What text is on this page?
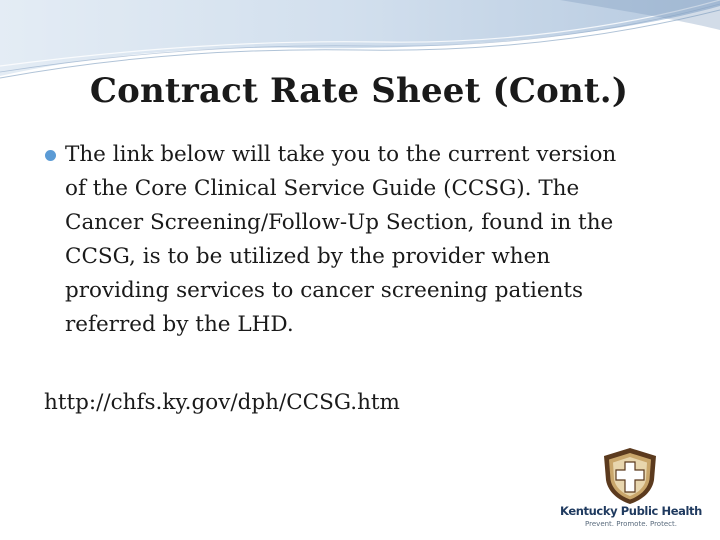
Contract Rate Sheet (Cont.)
The link below will take you to the current version
of the Core Clinical Service Guide (CCSG). The
Cancer Screening/Follow-Up Section, found in the
CCSG, is to be utilized by the provider when
providing services to cancer screening patients
referred by the LHD.
http://chfs.ky.gov/dph/CCSG.htm
Kentucky Public Health
Prevent. Promote. Protect.
